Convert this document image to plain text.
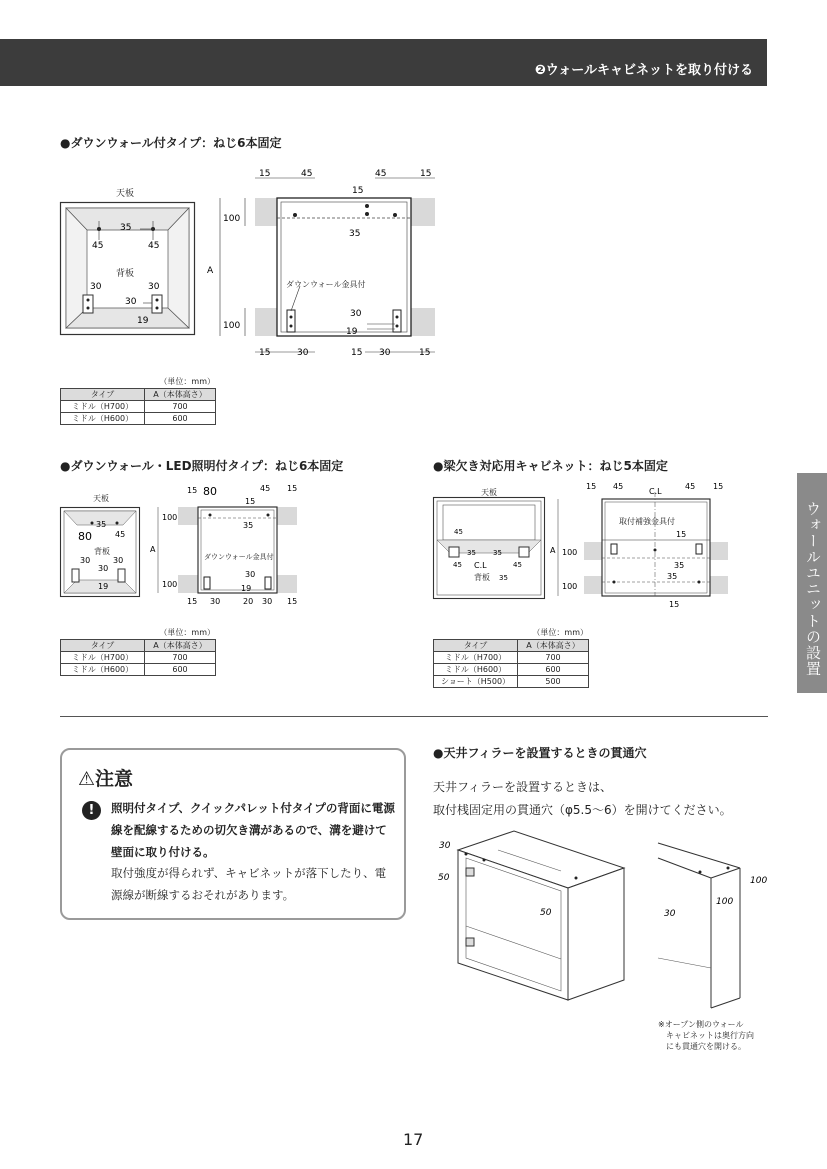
❷ウォールキャビネットを取り付ける
ウォールユニットの設置
●ダウンウォール付タイプ：ねじ6本固定
19
35
45	45
30	30
30
天板
背板
15	45	45	15
15
35
100
100
A
30
19
15	30	15 30	15
ダウンウォール金具付
（単位：mm）
タイプ	A（本体高さ）
ミドル（H700）	700
ミドル（H600）	600
●ダウンウォール・LED照明付タイプ：ねじ6本固定
35
80	45
30	30
30
19
天板
背板
15 80	45 15
15
35
100
100
A
30
19
15 30	20 30 15
ダウンウォール金具付
（単位：mm）
タイプ	A（本体高さ）
ミドル（H700）	700
ミドル（H600）	600
●梁欠き対応用キャビネット：ねじ5本固定
45
35 35
45	45
C.L
35
天板
背板
15 45
C.L
45 15
15
35
35
100
100
A
15
取付補強金具付
（単位：mm）
タイプ	A（本体高さ）
ミドル（H700）	700
ミドル（H600）	600
ショート（H500）	500
⚠注意
!	照明付タイプ、クイックパレット付タイプの背面に電源線を配線するための切欠き溝があるので、溝を避けて壁面に取り付ける。
取付強度が得られず、キャビネットが落下したり、電源線が断線するおそれがあります。
●天井フィラーを設置するときの貫通穴
天井フィラーを設置するときは、
取付桟固定用の貫通穴（φ5.5〜6）を開けてください。
30
50
50	30
100
100
※オープン側のウォール
　キャビネットは奥行方向
　にも貫通穴を開ける。
17
